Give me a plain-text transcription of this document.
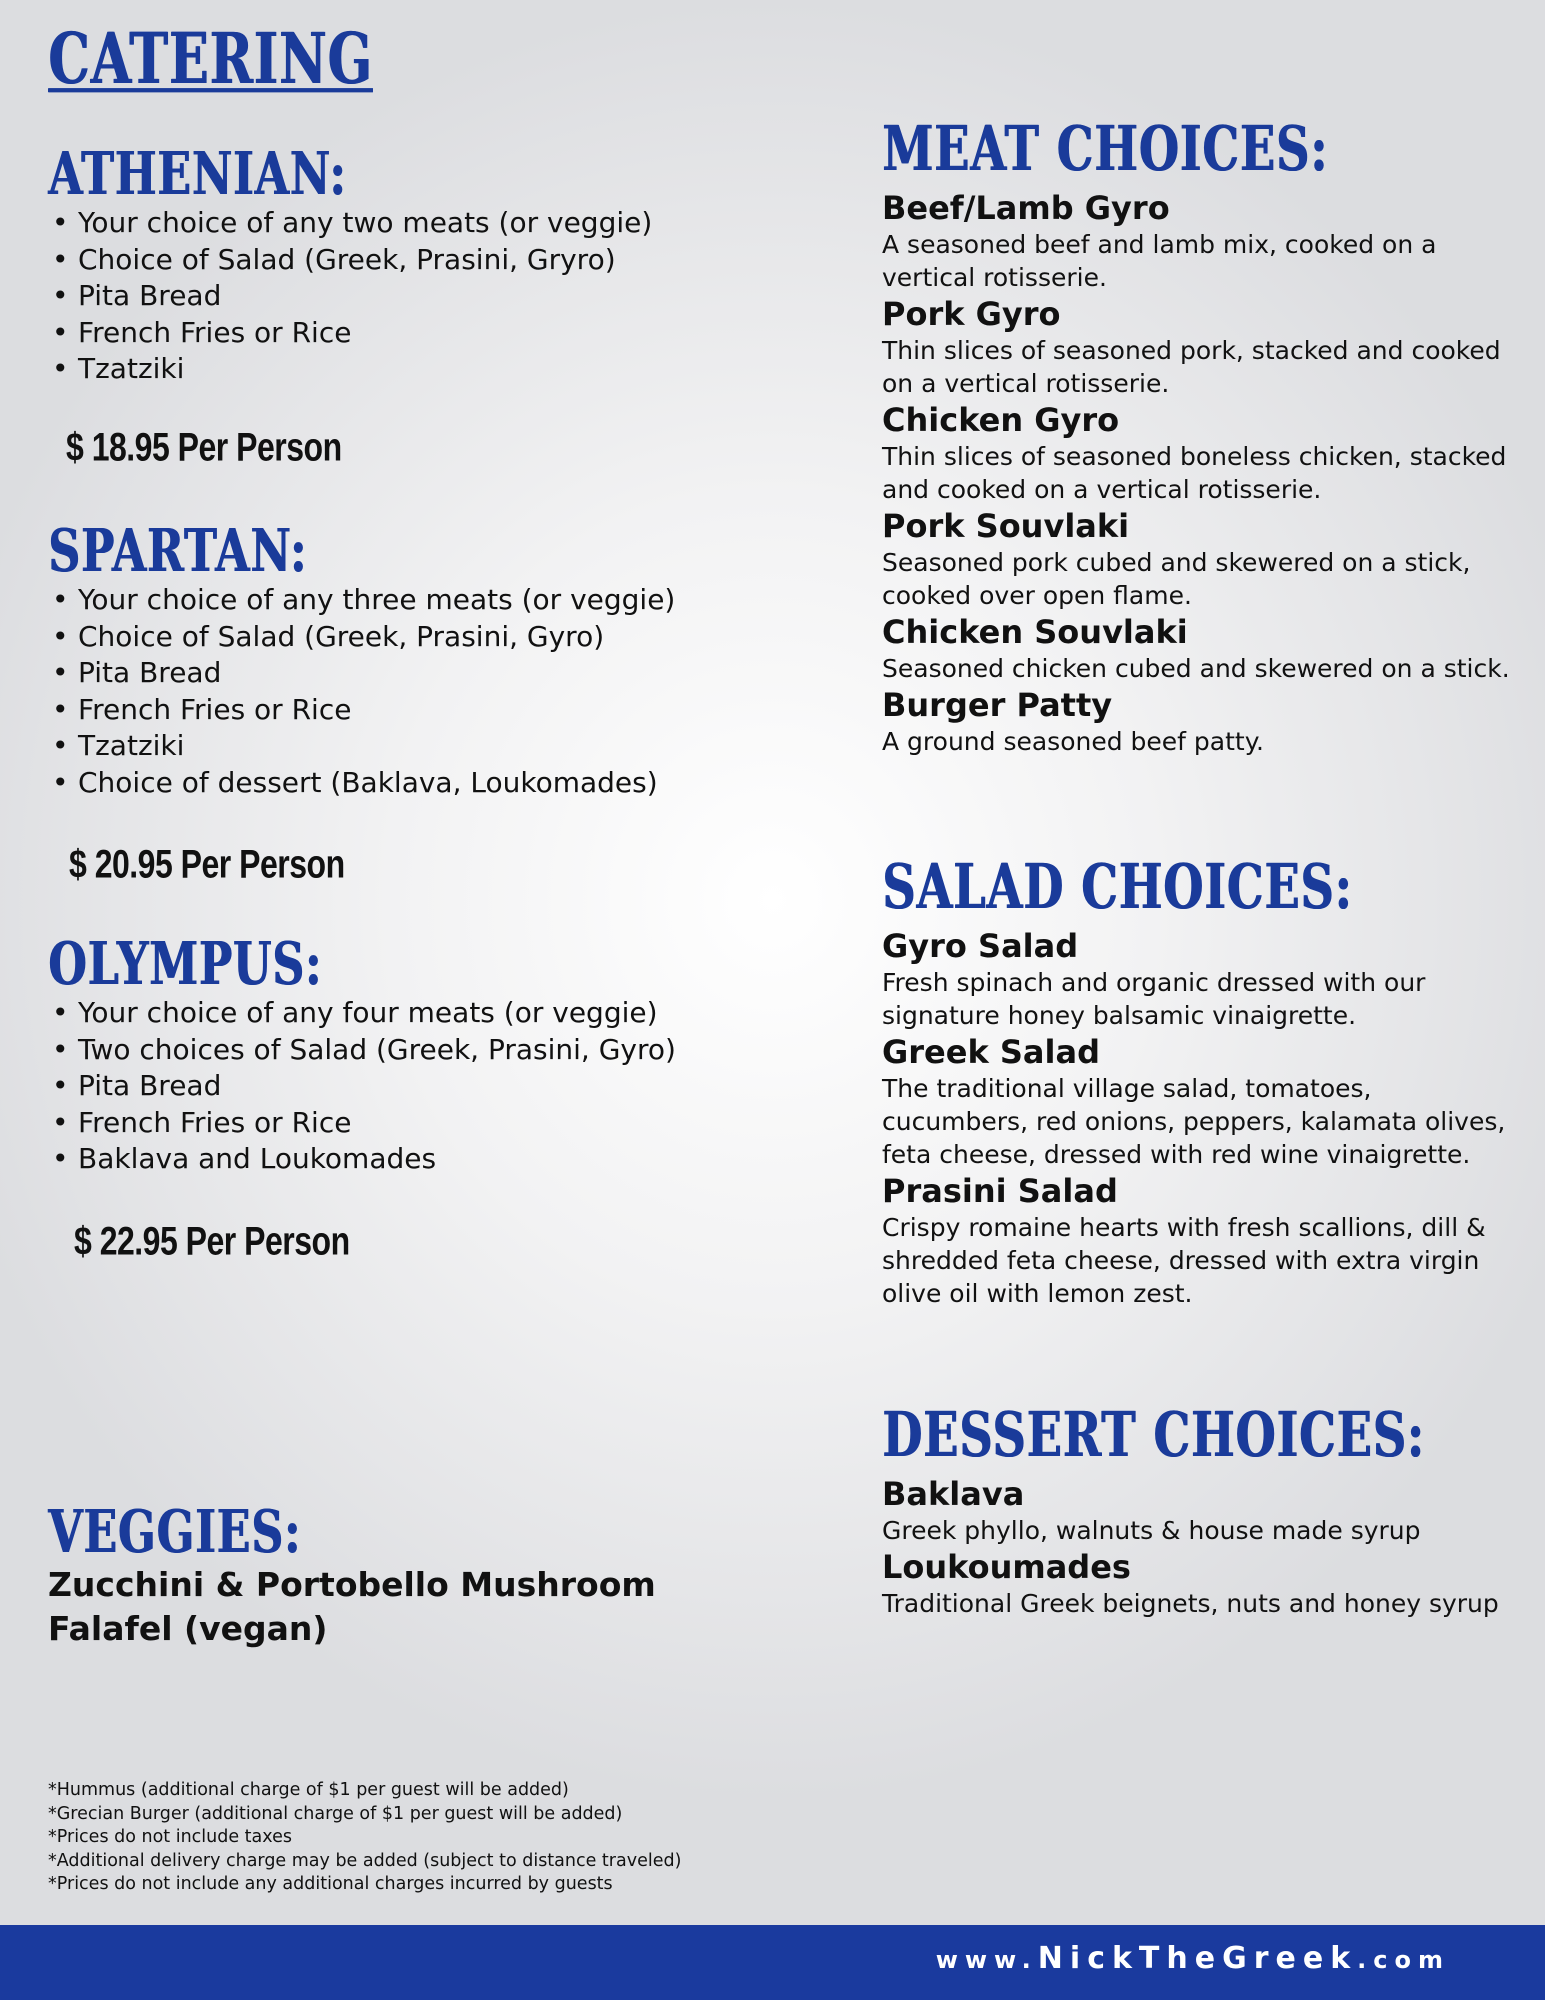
CATERING
ATHENIAN:
• Your choice of any two meats (or veggie)
• Choice of Salad (Greek, Prasini, Gryro)
• Pita Bread
• French Fries or Rice
• Tzatziki
$ 18.95 Per Person
SPARTAN:
• Your choice of any three meats (or veggie)
• Choice of Salad (Greek, Prasini, Gyro)
• Pita Bread
• French Fries or Rice
• Tzatziki
• Choice of dessert (Baklava, Loukomades)
$ 20.95 Per Person
OLYMPUS:
• Your choice of any four meats (or veggie)
• Two choices of Salad (Greek, Prasini, Gyro)
• Pita Bread
• French Fries or Rice
• Baklava and Loukomades
$ 22.95 Per Person
VEGGIES:
Zucchini & Portobello Mushroom
Falafel (vegan)
*Hummus (additional charge of $1 per guest will be added)
*Grecian Burger (additional charge of $1 per guest will be added)
*Prices do not include taxes
*Additional delivery charge may be added (subject to distance traveled)
*Prices do not include any additional charges incurred by guests
MEAT CHOICES:
Beef/Lamb Gyro
A seasoned beef and lamb mix, cooked on a vertical rotisserie.
Pork Gyro
Thin slices of seasoned pork, stacked and cooked on a vertical rotisserie.
Chicken Gyro
Thin slices of seasoned boneless chicken, stacked and cooked on a vertical rotisserie.
Pork Souvlaki
Seasoned pork cubed and skewered on a stick, cooked over open flame.
Chicken Souvlaki
Seasoned chicken cubed and skewered on a stick.
Burger Patty
A ground seasoned beef patty.
SALAD CHOICES:
Gyro Salad
Fresh spinach and organic dressed with our signature honey balsamic vinaigrette.
Greek Salad
The traditional village salad, tomatoes, cucumbers, red onions, peppers, kalamata olives, feta cheese, dressed with red wine vinaigrette.
Prasini Salad
Crispy romaine hearts with fresh scallions, dill & shredded feta cheese, dressed with extra virgin olive oil with lemon zest.
DESSERT CHOICES:
Baklava
Greek phyllo, walnuts & house made syrup
Loukoumades
Traditional Greek beignets, nuts and honey syrup
www.NickTheGreek.com
